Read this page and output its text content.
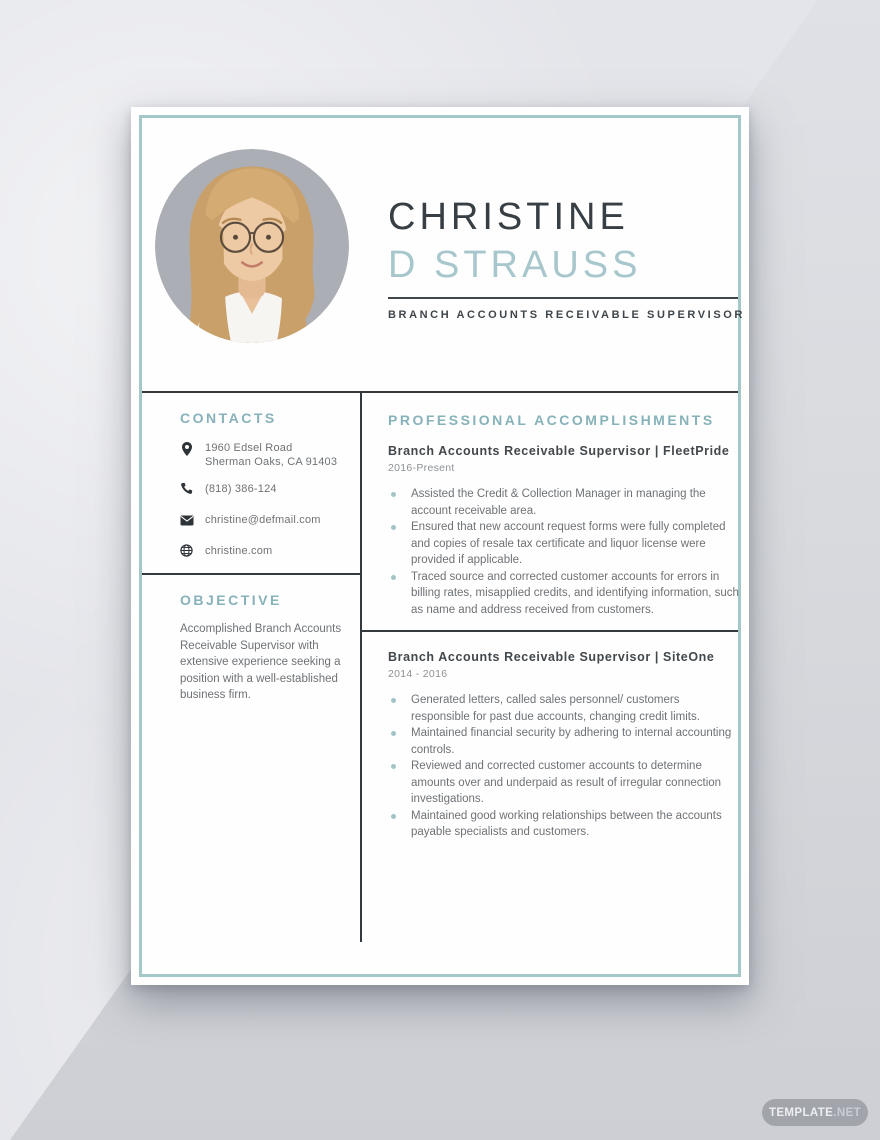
CHRISTINE
D STRAUSS
BRANCH ACCOUNTS RECEIVABLE SUPERVISOR
CONTACTS
1960 Edsel Road
Sherman Oaks, CA 91403
(818) 386-124
christine@defmail.com
christine.com
OBJECTIVE
Accomplished Branch Accounts Receivable Supervisor with extensive experience seeking a position with a well-established business firm.
PROFESSIONAL ACCOMPLISHMENTS
Branch Accounts Receivable Supervisor | FleetPride
2016-Present
Assisted the Credit & Collection Manager in managing the account receivable area.
Ensured that new account request forms were fully completed and copies of resale tax certificate and liquor license were provided if applicable.
Traced source and corrected customer accounts for errors in billing rates, misapplied credits, and identifying information, such as name and address received from customers.
Branch Accounts Receivable Supervisor | SiteOne
2014 - 2016
Generated letters, called sales personnel/ customers responsible for past due accounts, changing credit limits.
Maintained financial security by adhering to internal accounting controls.
Reviewed and corrected customer accounts to determine amounts over and underpaid as result of irregular connection investigations.
Maintained good working relationships between the accounts payable specialists and customers.
TEMPLATE .NET
